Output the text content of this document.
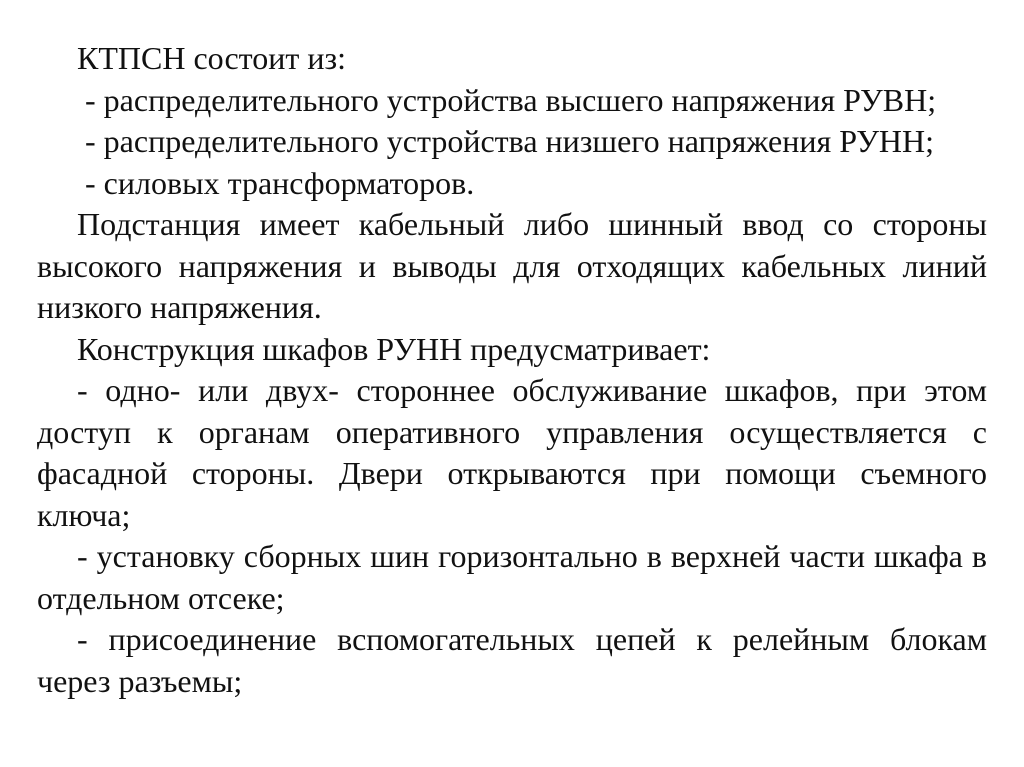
КТПСН состоит из:

- распределительного устройства высшего напряжения РУВН;

- распределительного устройства низшего напряжения РУНН;

- силовых трансформаторов.

Подстанция имеет кабельный либо шинный ввод со стороны высокого напряжения и выводы для отходящих кабельных линий низкого напряжения.

Конструкция шкафов РУНН предусматривает:

- одно- или двух- стороннее обслуживание шкафов, при этом доступ к органам оперативного управления осуществляется с фасадной стороны. Двери открываются при помощи съемного ключа;

- установку сборных шин горизонтально в верхней части шкафа в отдельном отсеке;

- присоединение вспомогательных цепей к релейным блокам через разъемы;
